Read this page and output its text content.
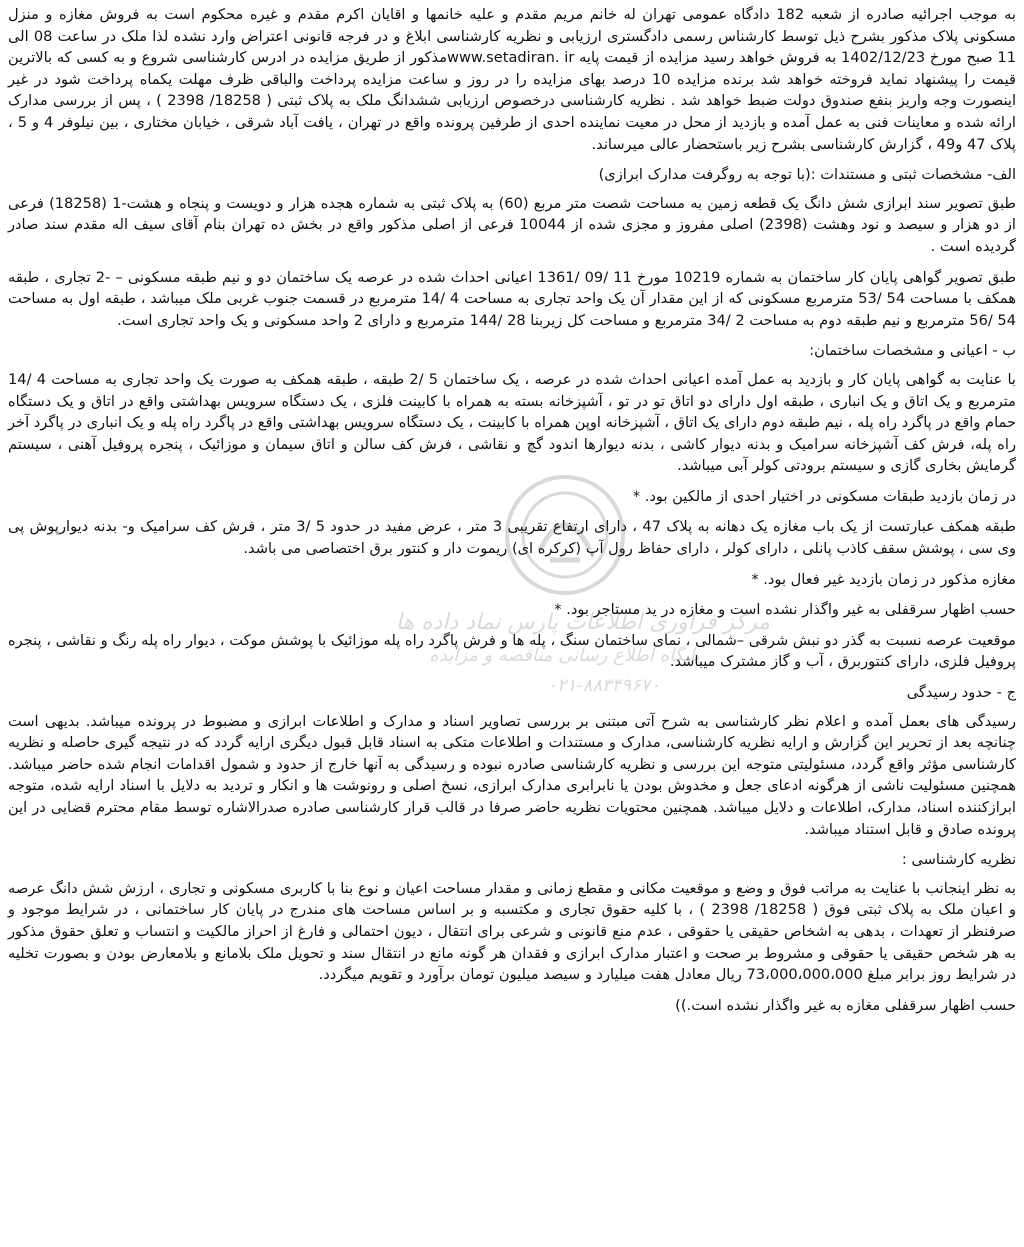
مرکز فراوری اطلاعات پارس نماد داده ها
پایگاه اطلاع رسانی مناقصه و مزایده
۰۲۱-۸۸۳۴۹۶۷۰

به موجب اجرائیه صادره از شعبه 182 دادگاه عمومی تهران له خانم مریم مقدم و علیه خانمها و اقایان اکرم مقدم و غیره محکوم است به فروش مغازه و منزل مسکونی پلاک مذکور بشرح ذیل توسط کارشناس رسمی دادگستری ارزیابی و نظریه کارشناسی ابلاغ و در فرجه قانونی اعتراض وارد نشده لذا ملک در ساعت 08 الی 11 صبح مورخ 1402/12/23 به فروش خواهد رسید مزایده از قیمت پایه www.setadiran. irمذکور از طریق مزایده در ادرس کارشناسی شروع و به کسی که بالاترین قیمت را پیشنهاد نماید فروخته خواهد شد برنده مزایده 10 درصد بهای مزایده را در روز و ساعت مزایده پرداخت والباقی ظرف مهلت یکماه پرداخت شود در غیر اینصورت وجه واریز بنفع صندوق دولت ضبط خواهد شد . نظریه کارشناسی درخصوص ارزیابی ششدانگ ملک به پلاک ثبتی ( 18258/ 2398 ) ، پس از بررسی مدارک ارائه شده و معاینات فنی به عمل آمده و بازدید از محل در معیت نماینده احدی از طرفین پرونده واقع در تهران ، یافت آباد شرقی ، خیابان مختاری ، بین نیلوفر 4 و 5 ، پلاک 47 و49 ، گزارش کارشناسی بشرح زیر باستحضار عالی میرساند.

الف- مشخصات ثبتی و مستندات :(با توجه به روگرفت مدارک ابرازی)

طبق تصویر سند ابرازی شش دانگ یک قطعه زمین به مساحت شصت متر مربع (60) به پلاک ثبتی به شماره هجده هزار و دویست و پنجاه و هشت-1 (18258) فرعی از دو هزار و سیصد و نود وهشت (2398) اصلی مفروز و مجزی شده از 10044 فرعی از اصلی مذکور واقع در بخش ده تهران بنام آقای سیف اله مقدم سند صادر گردیده است .

طبق تصویر گواهی پایان کار ساختمان به شماره 10219 مورخ 11 /09 /1361 اعیانی احداث شده در عرصه یک ساختمان دو و نیم طبقه مسکونی – -2 تجاری ، طبقه همکف با مساحت 54 /53 مترمربع مسکونی که از این مقدار آن یک واحد تجاری به مساحت 4 /14 مترمربع در قسمت جنوب غربی ملک میباشد ، طبقه اول به مساحت 54 /56 مترمربع و نیم طبقه دوم به مساحت 2 /34 مترمربع و مساحت کل زیربنا 28 /144 مترمربع و دارای 2 واحد مسکونی و یک واحد تجاری است.

ب - اعیانی و مشخصات ساختمان:

با عنایت به گواهی پایان کار و بازدید به عمل آمده اعیانی احداث شده در عرصه ، یک ساختمان 5 /2 طبقه ، طبقه همکف به صورت یک واحد تجاری به مساحت 4 /14 مترمربع و یک اتاق و یک انباری ، طبقه اول دارای دو اتاق تو در تو ، آشپزخانه بسته به همراه با کابینت فلزی ، یک دستگاه سرویس بهداشتی واقع در اتاق و یک دستگاه حمام واقع در پاگرد راه پله ، نیم طبقه دوم دارای یک اتاق ، آشپزخانه اوپن همراه با کابینت ، یک دستگاه سرویس بهداشتی واقع در پاگرد راه پله و یک انباری در پاگرد آخر راه پله، فرش کف آشپزخانه سرامیک و بدنه دیوار کاشی ، بدنه دیوارها اندود گچ و نقاشی ، فرش کف سالن و اتاق سیمان و موزائیک ، پنجره پروفیل آهنی ، سیستم گرمایش بخاری گازی و سیستم برودتی کولر آبی میباشد.

در زمان بازدید طبقات مسکونی در اختیار احدی از مالکین بود. *

طبقه همکف عبارتست از یک باب مغازه یک دهانه به پلاک 47 ، دارای ارتفاع تقریبی 3 متر ، عرض مفید در حدود 5 /3 متر ، فرش کف سرامیک و- بدنه دیوارپوش پی وی سی ، پوشش سقف کاذب پانلی ، دارای کولر ، دارای حفاظ رول آپ (کرکره ای) ریموت دار و کنتور برق اختصاصی می باشد.

مغازه مذکور در زمان بازدید غیر فعال بود. *

حسب اظهار سرقفلی به غیر واگذار نشده است و مغازه در ید مستاجر بود. *

موقعیت عرصه نسبت به گذر دو نبش شرقی –شمالی ، نمای ساختمان سنگ ، پله ها و فرش پاگرد راه پله موزائیک با پوشش موکت ، دیوار راه پله رنگ و نقاشی ، پنجره پروفیل فلزی، دارای کنتوربرق ، آب و گاز مشترک میباشد.

ج - حدود رسیدگی

رسیدگی های بعمل آمده و اعلام نظر کارشناسی به شرح آتی مبتنی بر بررسی تصاویر اسناد و مدارک و اطلاعات ابرازی و مضبوط در پرونده میباشد. بدیهی است چنانچه بعد از تحریر این گزارش و ارایه نظریه کارشناسی، مدارک و مستندات و اطلاعات متکی به اسناد قابل قبول دیگری ارایه گردد که در نتیجه گیری حاصله و نظریه کارشناسی مؤثر واقع گردد، مسئولیتی متوجه این بررسی و نظریه کارشناسی صادره نبوده و رسیدگی به آنها خارج از حدود و شمول اقدامات انجام شده حاضر میباشد. همچنین مسئولیت ناشی از هرگونه ادعای جعل و مخدوش بودن یا نابرابری مدارک ابرازی، نسخ اصلی و رونوشت ها و انکار و تردید به دلایل با اسناد ارایه شده، متوجه ابرازکننده اسناد، مدارک، اطلاعات و دلایل میباشد. همچنین محتویات نظریه حاضر صرفا در قالب قرار کارشناسی صادره صدرالاشاره توسط مقام محترم قضایی در این پرونده صادق و قابل استناد میباشد.

نظریه کارشناسی :

به نظر اینجانب با عنایت به مراتب فوق و وضع و موقعیت مکانی و مقطع زمانی و مقدار مساحت اعیان و نوع بنا با کاربری مسکونی و تجاری ، ارزش شش دانگ عرصه و اعیان ملک به پلاک ثبتی فوق ( 18258/ 2398 ) ، با کلیه حقوق تجاری و مکتسبه و بر اساس مساحت های مندرج در پایان کار ساختمانی ، در شرایط موجود و صرفنظر از تعهدات ، بدهی به اشخاص حقیقی یا حقوقی ، عدم منع قانونی و شرعی برای انتقال ، دیون احتمالی و فارغ از احراز مالکیت و انتساب و تعلق حقوق مذکور به هر شخص حقیقی یا حقوقی و مشروط بر صحت و اعتبار مدارک ابرازی و فقدان هر گونه مانع در انتقال سند و تحویل ملک بلامانع و بلامعارض بودن و بصورت تخلیه در شرایط روز برابر مبلغ 73،000،000،000 ریال معادل هفت میلیارد و سیصد میلیون تومان برآورد و تقویم میگردد.

حسب اظهار سرقفلی مغازه به غیر واگذار نشده است.))
